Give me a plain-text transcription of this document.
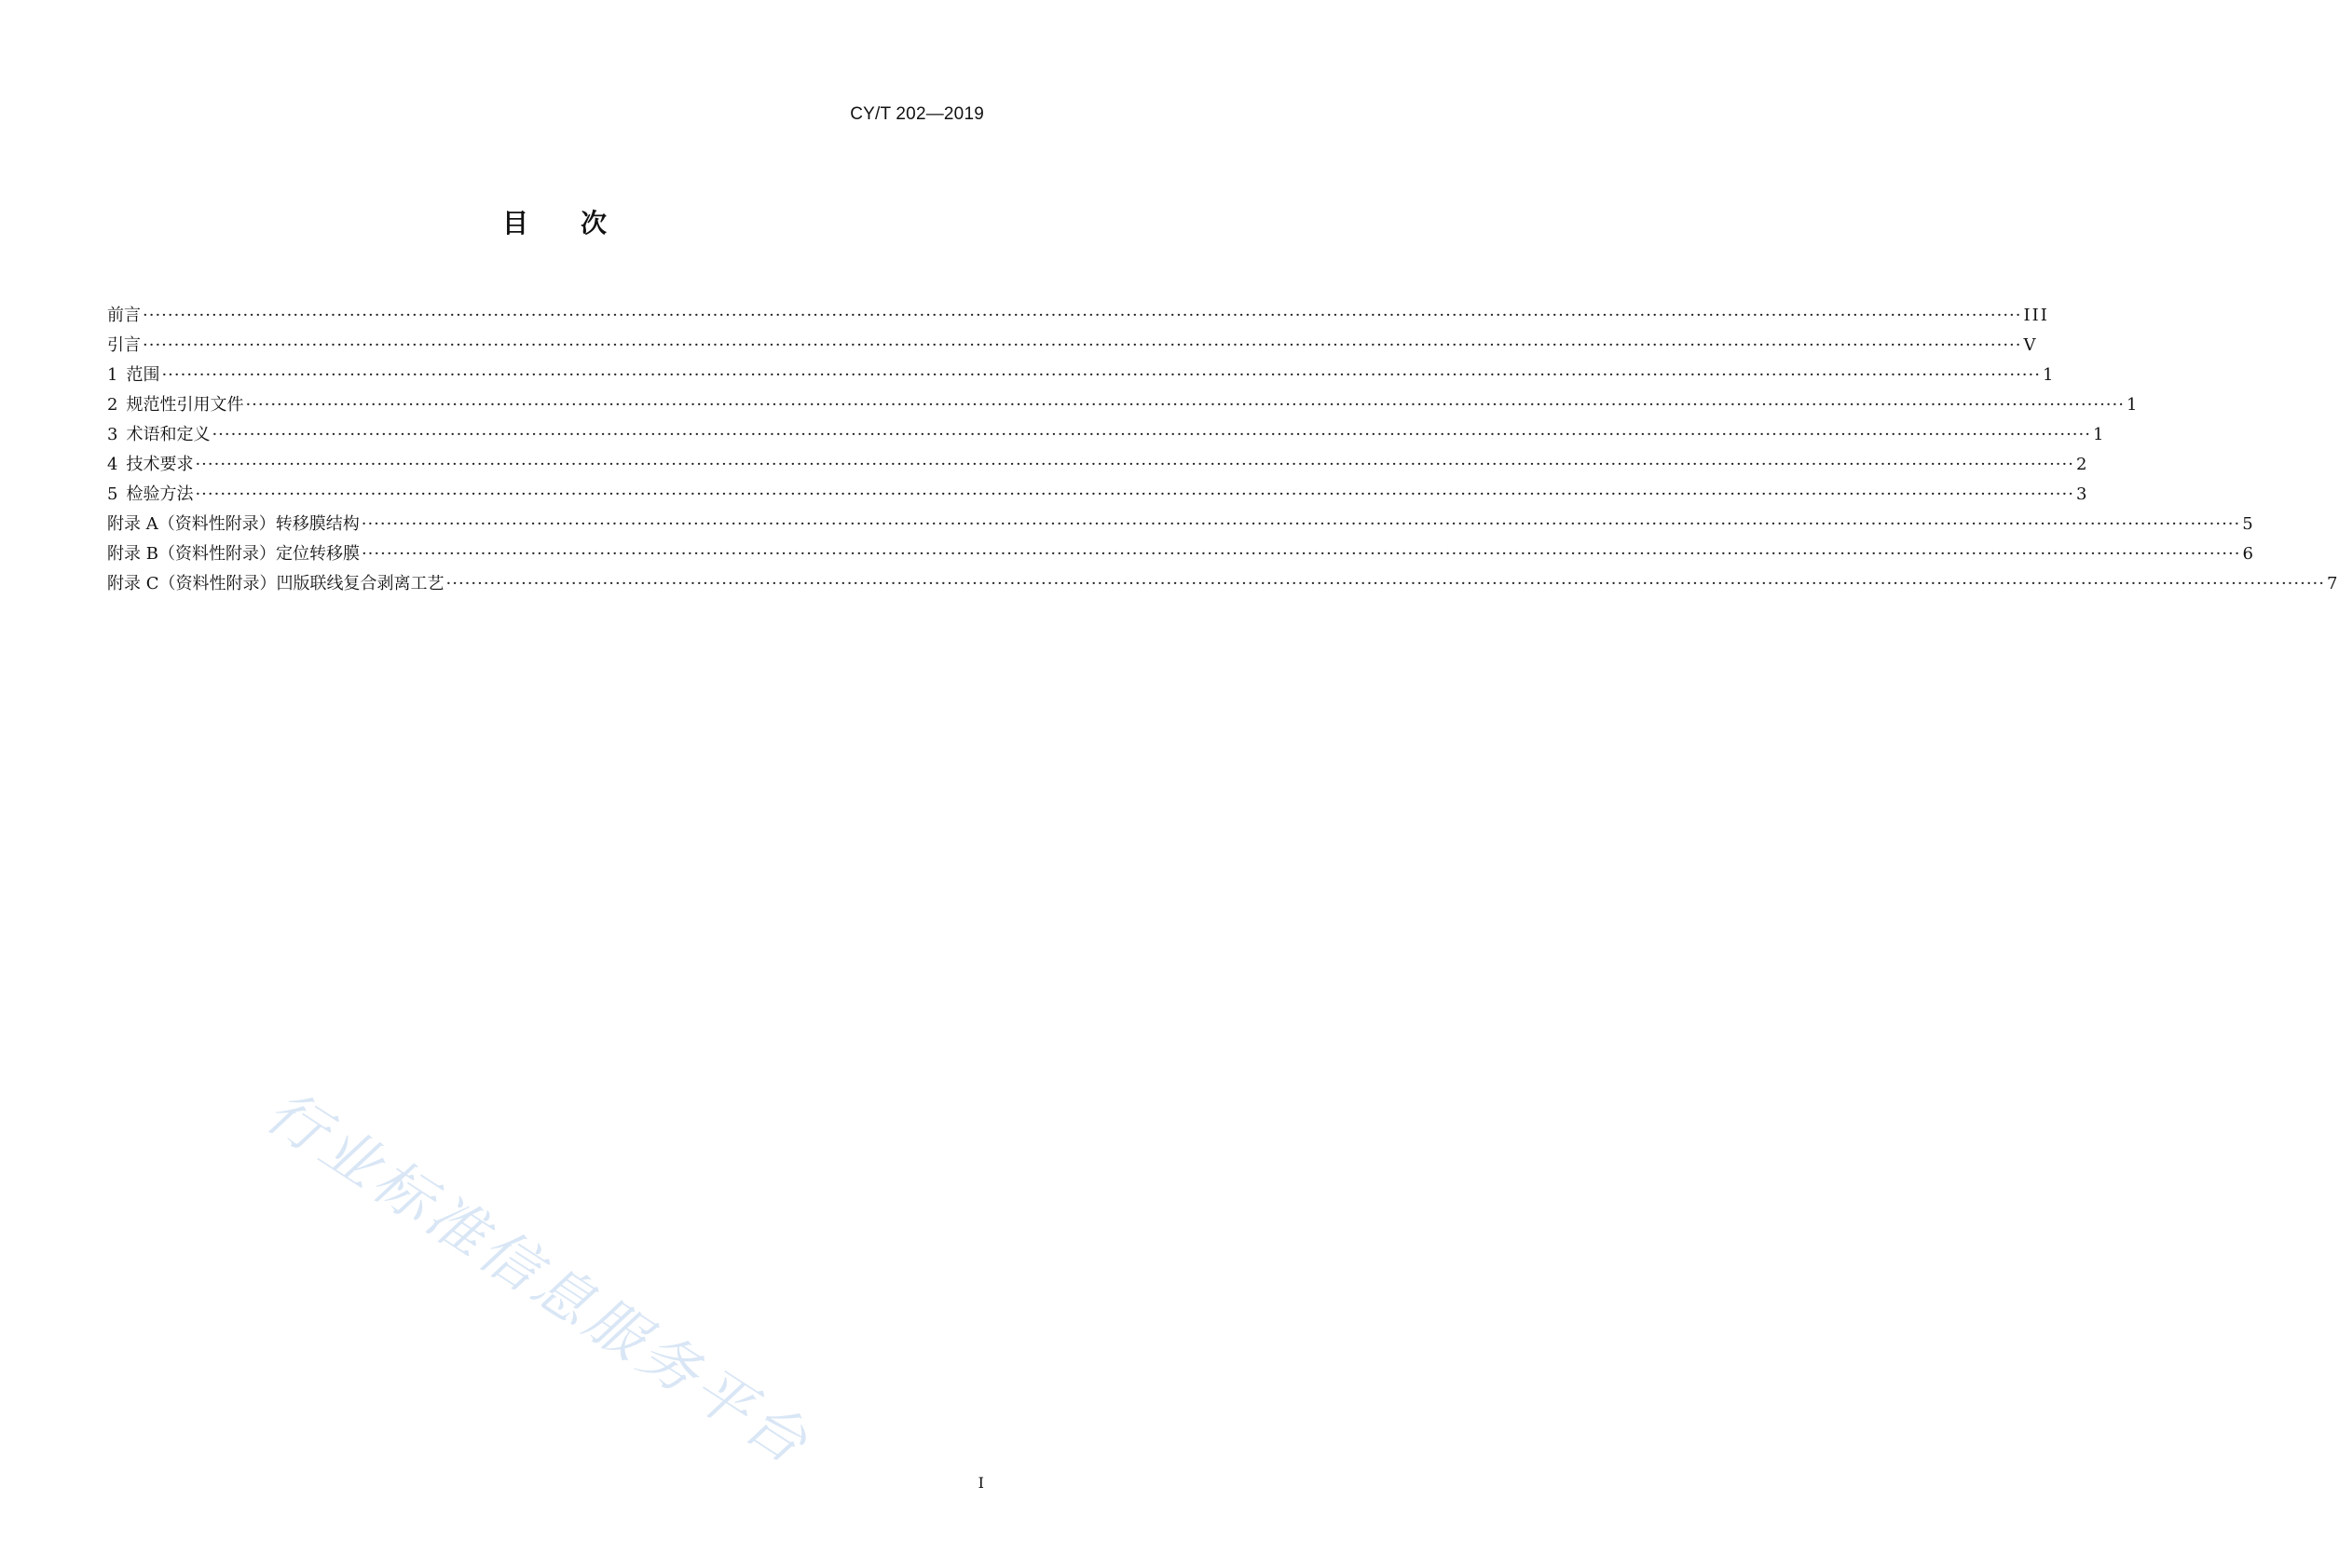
CY/T 202—2019
目　　次
前言 ············································································································································································································································································································ III
引言 ············································································································································································································································································································ V
1 范围 ············································································································································································································································································································ 1
2 规范性引用文件 ············································································································································································································································································································ 1
3 术语和定义 ············································································································································································································································································································ 1
4 技术要求 ············································································································································································································································································································ 2
5 检验方法 ············································································································································································································································································································ 3
附录 A（资料性附录）转移膜结构 ············································································································································································································································································································ 5
附录 B（资料性附录）定位转移膜 ············································································································································································································································································································ 6
附录 C（资料性附录）凹版联线复合剥离工艺 ············································································································································································································································································································ 7
行业标准信息服务平台
I
